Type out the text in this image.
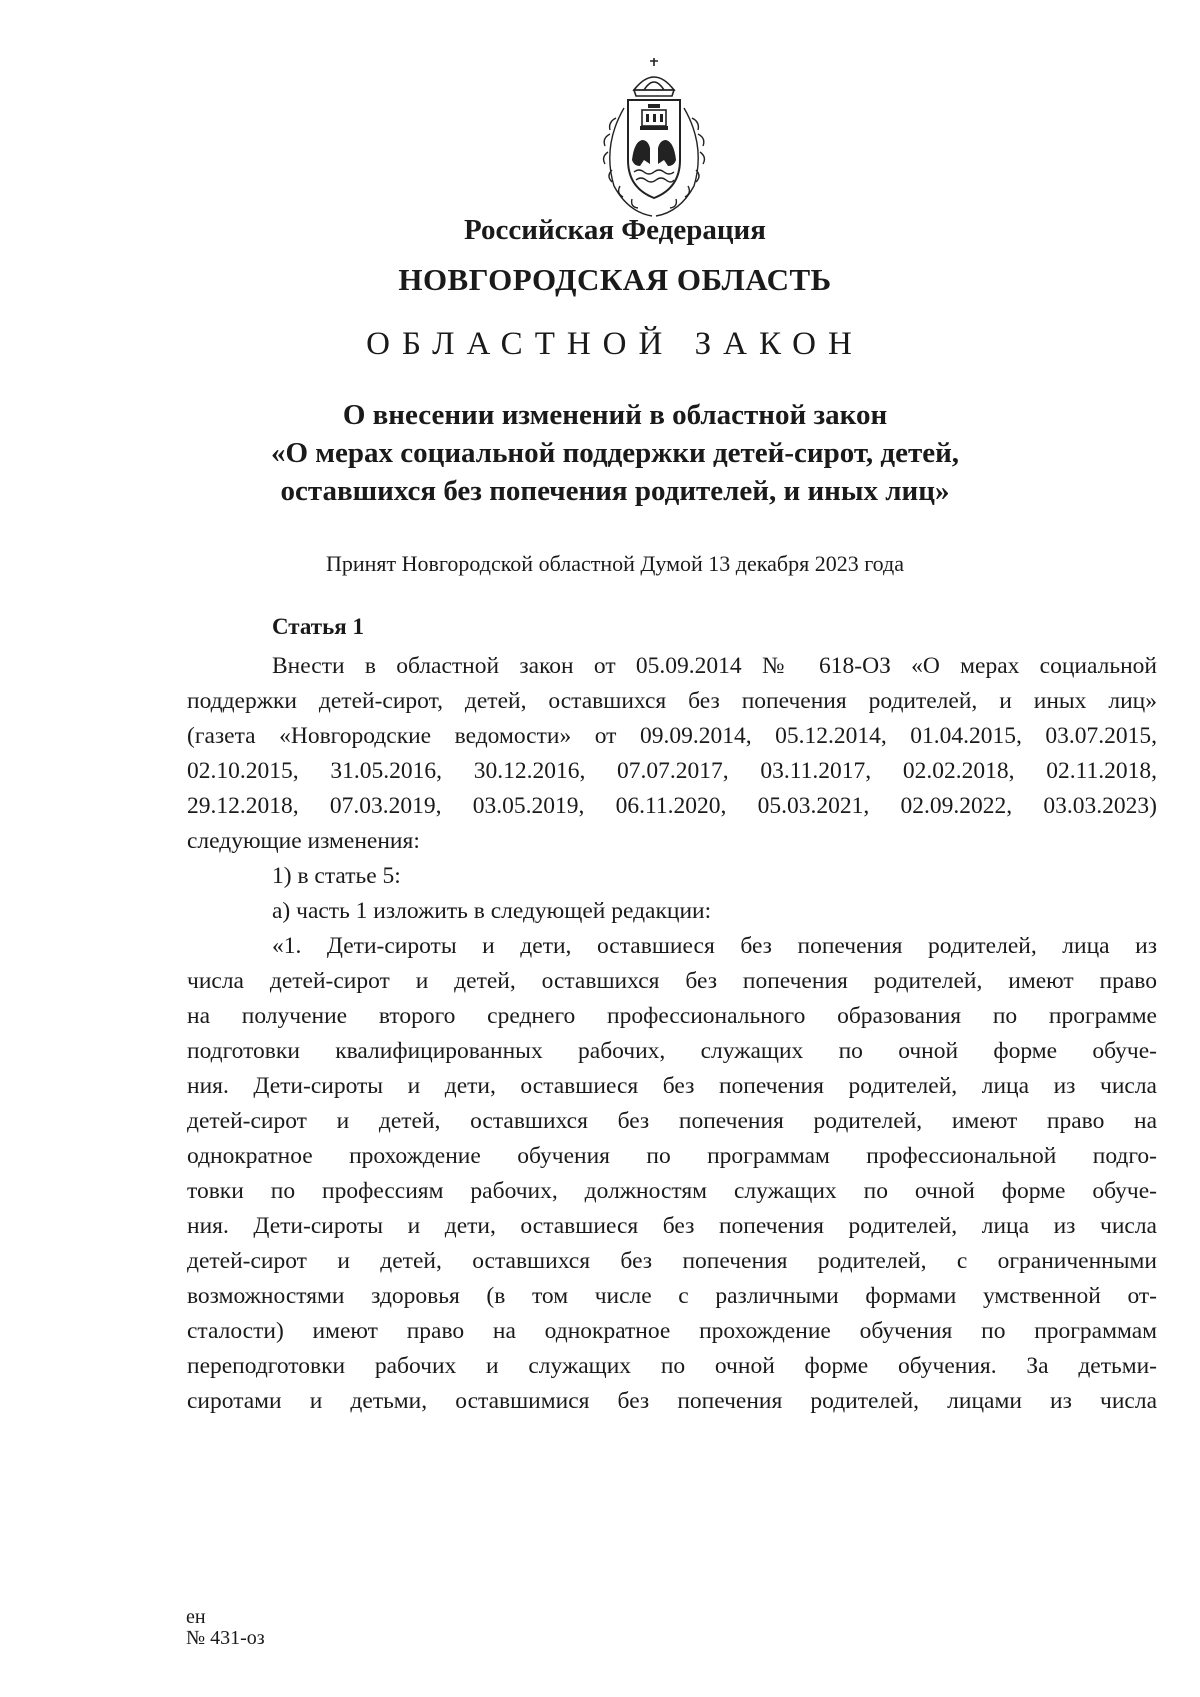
Российская Федерация
НОВГОРОДСКАЯ ОБЛАСТЬ
ОБЛАСТНОЙ ЗАКОН
О внесении изменений в областной закон
«О мерах социальной поддержки детей-сирот, детей,
оставшихся без попечения родителей, и иных лиц»
Принят Новгородской областной Думой 13 декабря 2023 года
Статья 1
Внести в областной закон от 05.09.2014 № 618-ОЗ «О мерах социальной
поддержки детей-сирот, детей, оставшихся без попечения родителей, и иных лиц»
(газета «Новгородские ведомости» от 09.09.2014, 05.12.2014, 01.04.2015, 03.07.2015,
02.10.2015, 31.05.2016, 30.12.2016, 07.07.2017, 03.11.2017, 02.02.2018, 02.11.2018,
29.12.2018, 07.03.2019, 03.05.2019, 06.11.2020, 05.03.2021, 02.09.2022, 03.03.2023)
следующие изменения:
1) в статье 5:
а) часть 1 изложить в следующей редакции:
«1. Дети-сироты и дети, оставшиеся без попечения родителей, лица из
числа детей-сирот и детей, оставшихся без попечения родителей, имеют право
на получение второго среднего профессионального образования по программе
подготовки квалифицированных рабочих, служащих по очной форме обуче-
ния. Дети-сироты и дети, оставшиеся без попечения родителей, лица из числа
детей-сирот и детей, оставшихся без попечения родителей, имеют право на
однократное прохождение обучения по программам профессиональной подго-
товки по профессиям рабочих, должностям служащих по очной форме обуче-
ния. Дети-сироты и дети, оставшиеся без попечения родителей, лица из числа
детей-сирот и детей, оставшихся без попечения родителей, с ограниченными
возможностями здоровья (в том числе с различными формами умственной от-
сталости) имеют право на однократное прохождение обучения по программам
переподготовки рабочих и служащих по очной форме обучения. За детьми-
сиротами и детьми, оставшимися без попечения родителей, лицами из числа
ен
№ 431-оз
